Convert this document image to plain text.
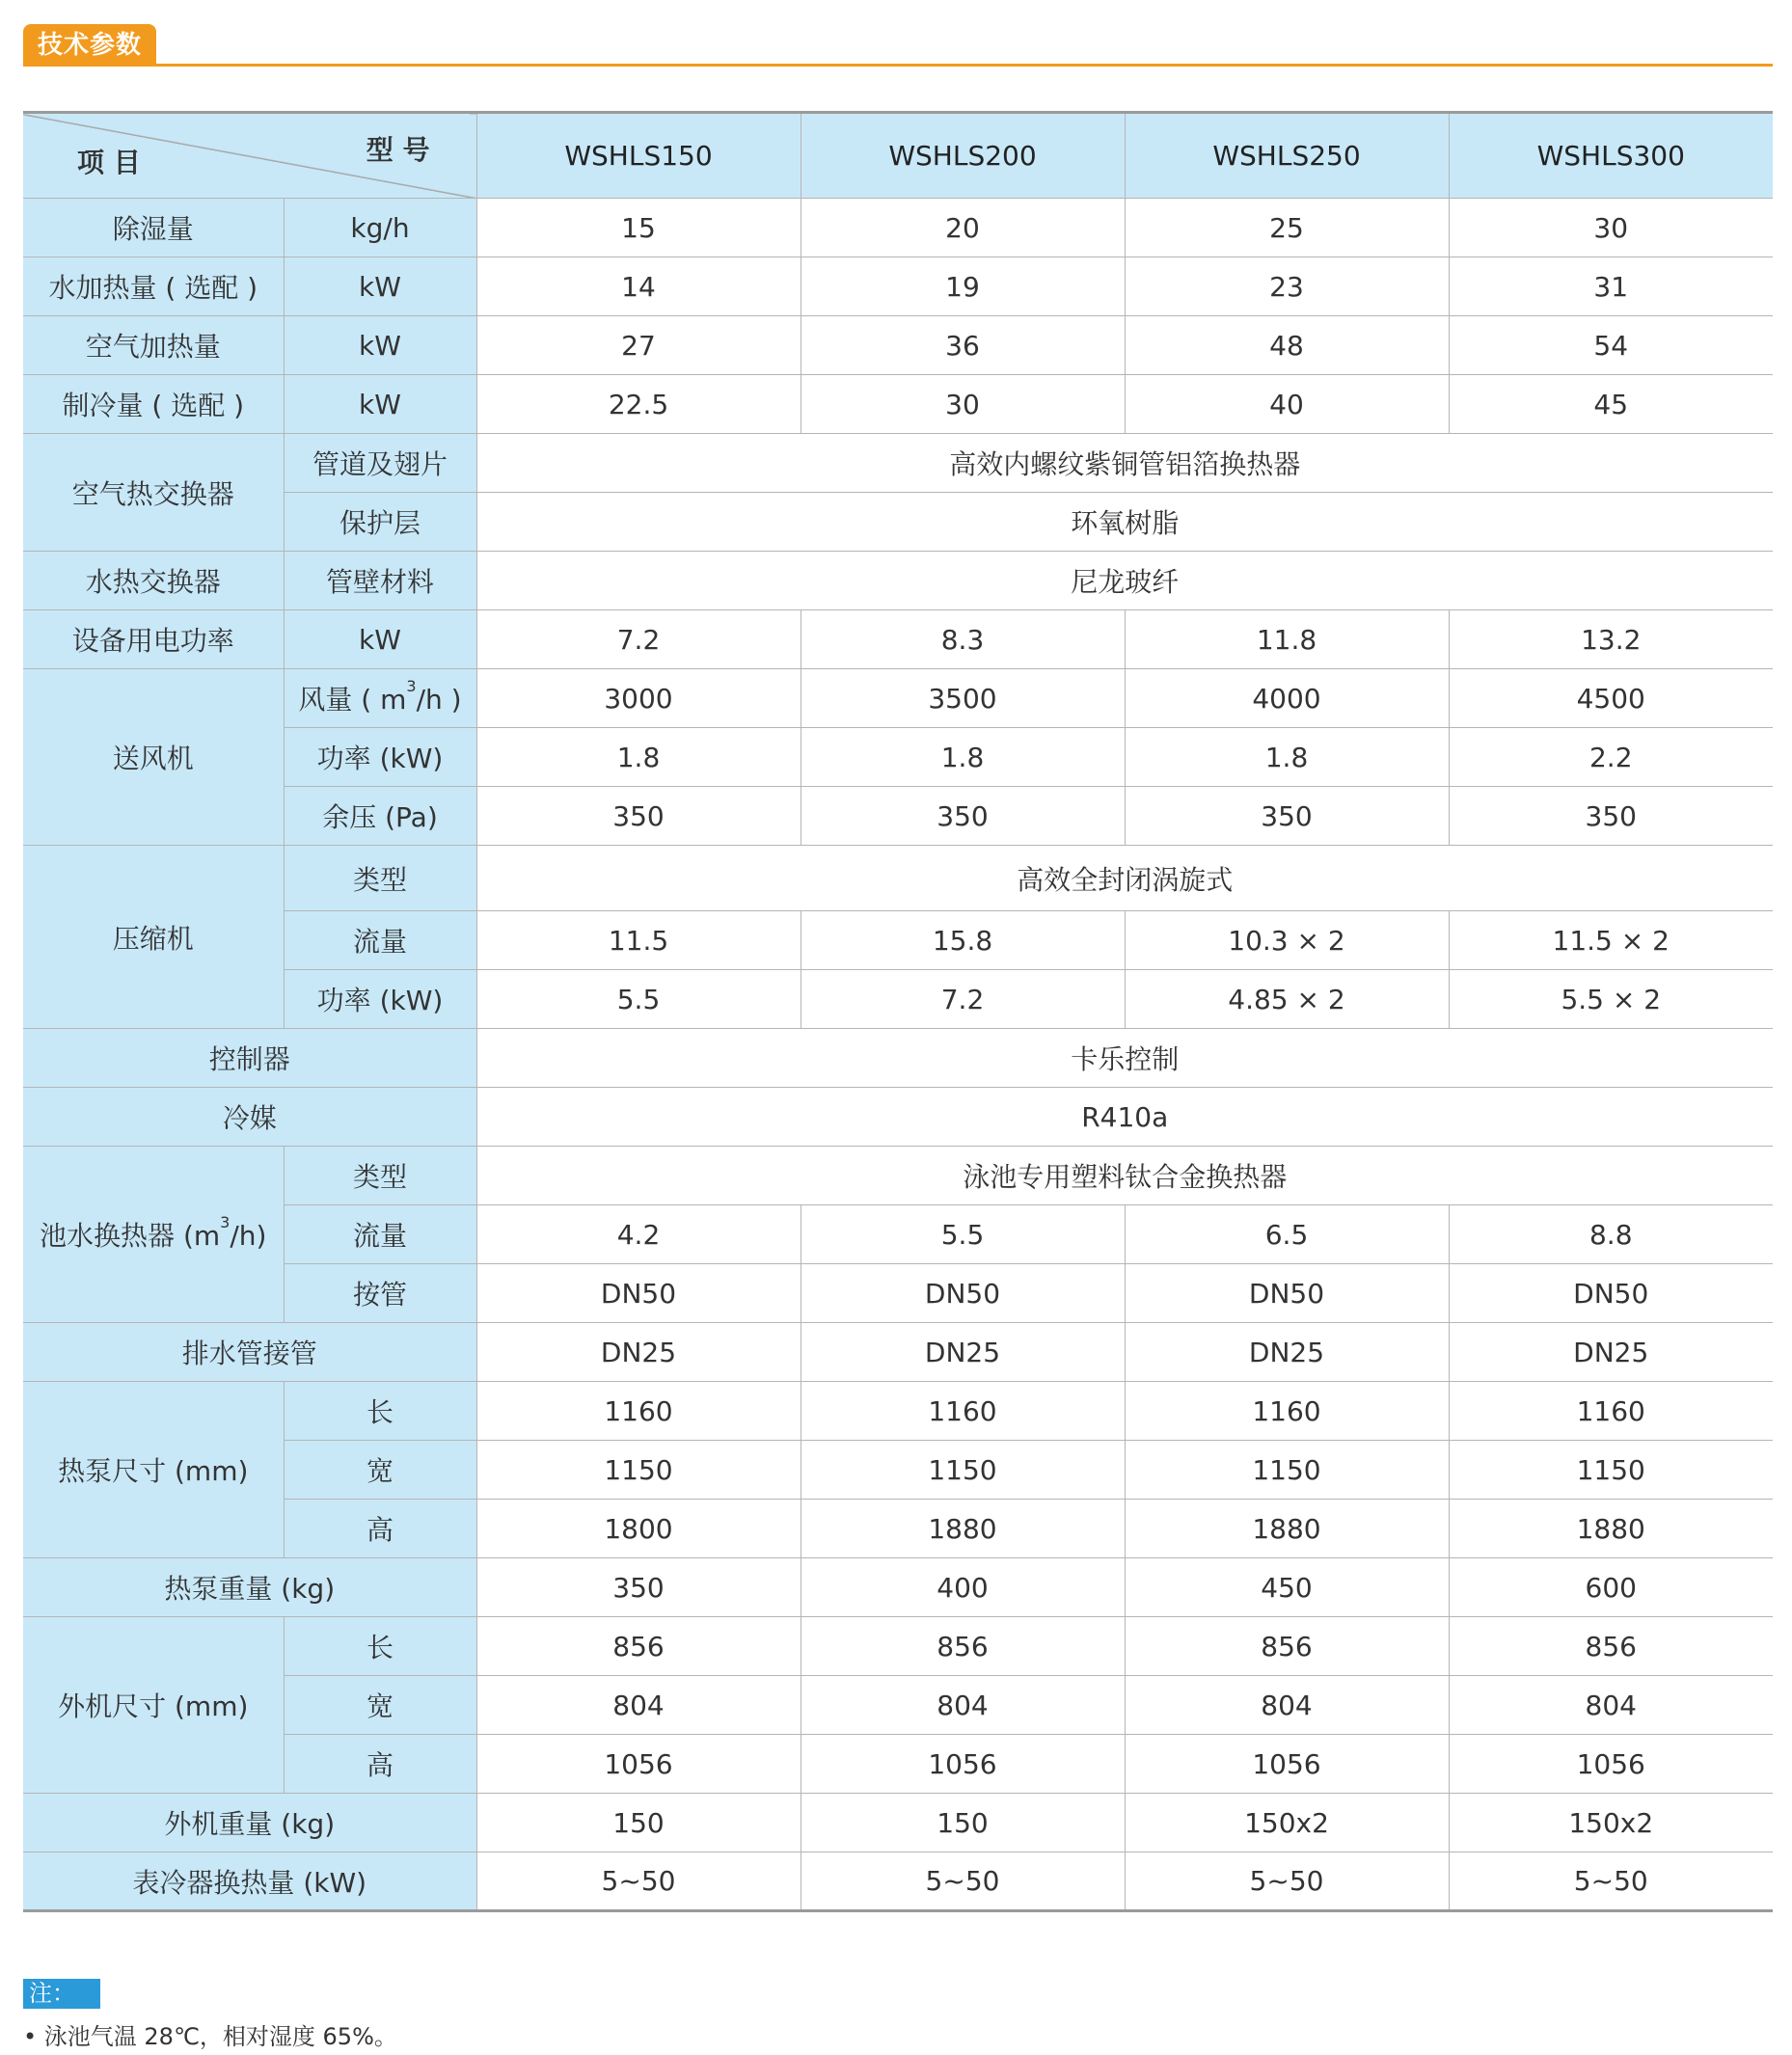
技术参数
型 号
项 目		WSHLS150	WSHLS200	WSHLS250	WSHLS300
除湿量	kg/h	15	20	25	30
水加热量 ( 选配 )	kW	14	19	23	31
空气加热量	kW	27	36	48	54
制冷量 ( 选配 )	kW	22.5	30	40	45
空气热交换器	管道及翅片	高效内螺纹紫铜管铝箔换热器			
	保护层	环氧树脂			
水热交换器	管壁材料	尼龙玻纤			
设备用电功率	kW	7.2	8.3	11.8	13.2
送风机	风量 ( $m^3/h$ )	3000	3500	4000	4500
	功率 (kW)	1.8	1.8	1.8	2.2
	余压 (Pa)	350	350	350	350
压缩机	类型	高效全封闭涡旋式			
	流量	11.5	15.8	10.3 × 2	11.5 × 2
	功率 (kW)	5.5	7.2	4.85 × 2	5.5 × 2
控制器		卡乐控制			
冷媒		R410a			
池水换热器 $(m^3/h)$	类型	泳池专用塑料钛合金换热器			
	流量	4.2	5.5	6.5	8.8
	按管	DN50	DN50	DN50	DN50
排水管接管		DN25	DN25	DN25	DN25
热泵尺寸 (mm)	长	1160	1160	1160	1160
	宽	1150	1150	1150	1150
	高	1800	1880	1880	1880
热泵重量 (kg)		350	400	450	600
外机尺寸 (mm)	长	856	856	856	856
	宽	804	804	804	804
	高	1056	1056	1056	1056
外机重量 (kg)		150	150	150x2	150x2
表冷器换热量 (kW)		5~50	5~50	5~50	5~50
注：
• 泳池气温 28℃，相对湿度 65%。
